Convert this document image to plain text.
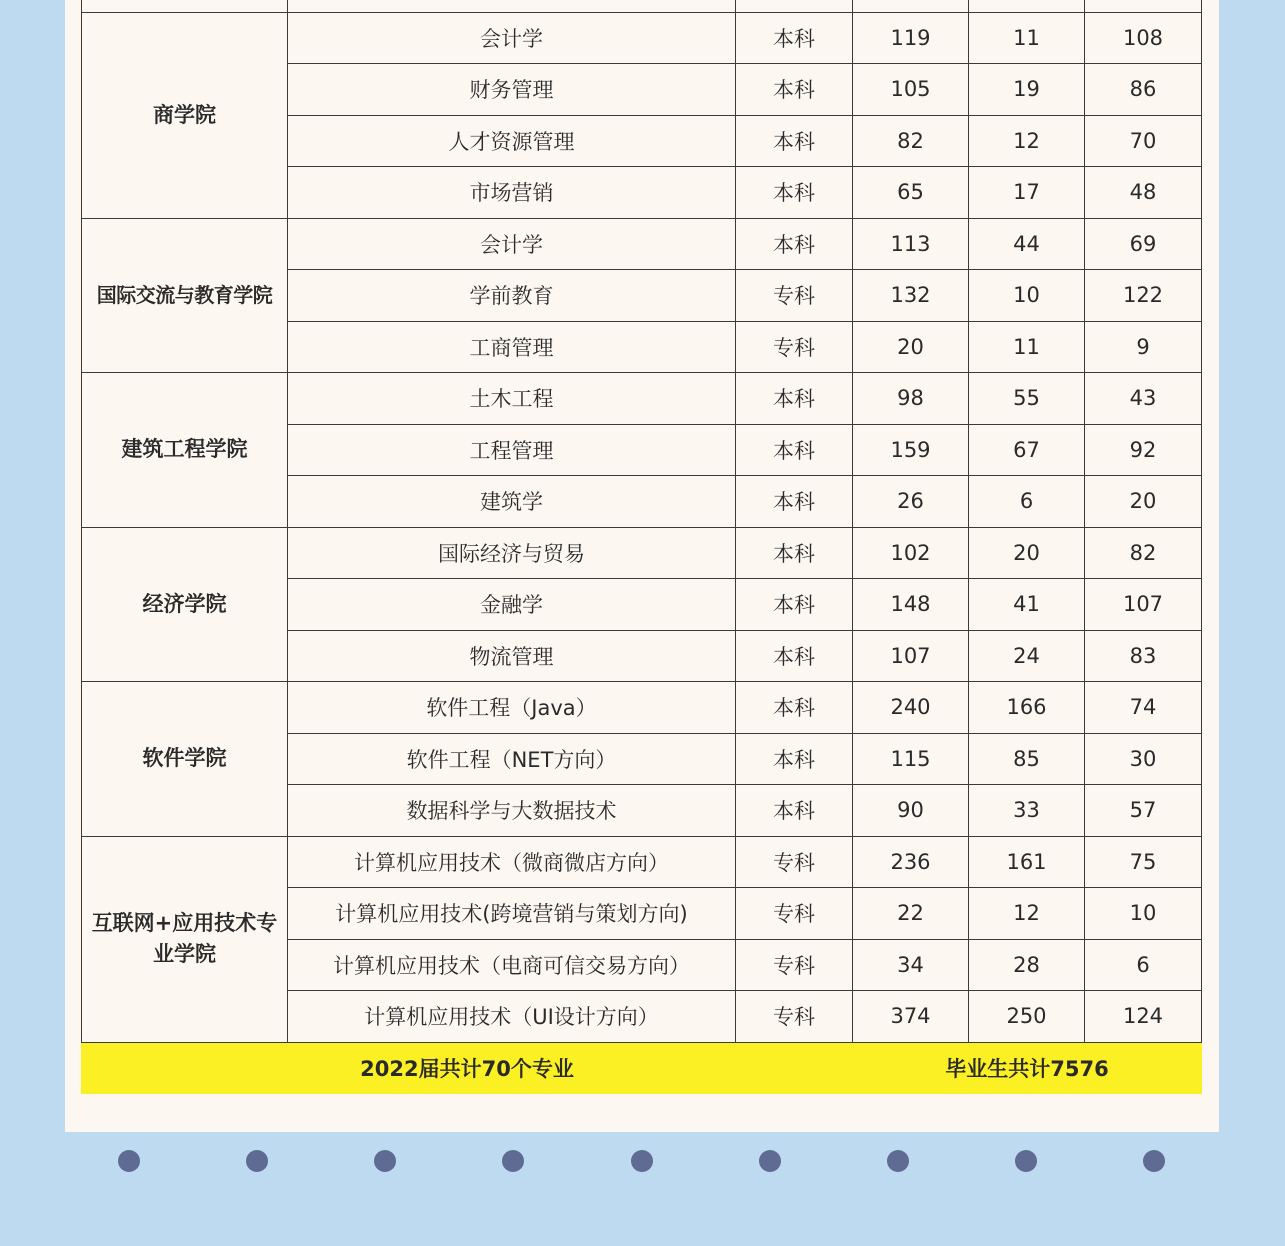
商学院	会计学	本科	119	11	108
	财务管理	本科	105	19	86
	人才资源管理	本科	82	12	70
	市场营销	本科	65	17	48
国际交流与教育学院	会计学	本科	113	44	69
	学前教育	专科	132	10	122
	工商管理	专科	20	11	9
建筑工程学院	土木工程	本科	98	55	43
	工程管理	本科	159	67	92
	建筑学	本科	26	6	20
经济学院	国际经济与贸易	本科	102	20	82
	金融学	本科	148	41	107
	物流管理	本科	107	24	83
软件学院	软件工程（Java）	本科	240	166	74
	软件工程（NET方向）	本科	115	85	30
	数据科学与大数据技术	本科	90	33	57
互联网+应用技术专业学院	计算机应用技术（微商微店方向）	专科	236	161	75
	计算机应用技术(跨境营销与策划方向)	专科	22	12	10
	计算机应用技术（电商可信交易方向）	专科	34	28	6
	计算机应用技术（UI设计方向）	专科	374	250	124
2022届共计70个专业			毕业生共计7576		
